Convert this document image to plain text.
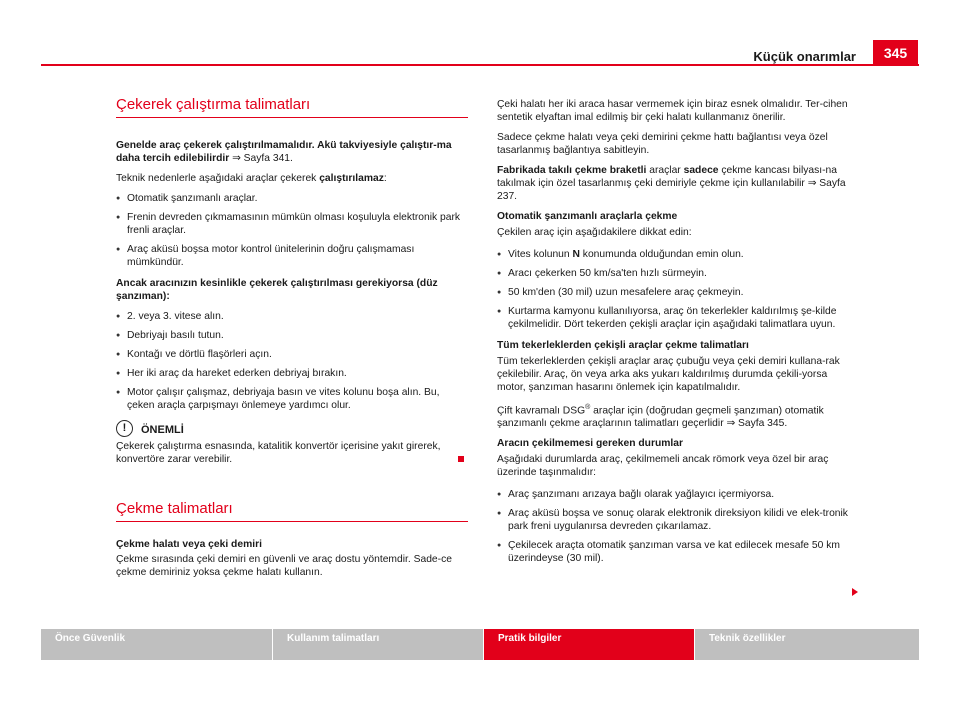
Küçük onarımlar	345
Çekerek çalıştırma talimatları

Genelde araç çekerek çalıştırılmamalıdır. Akü takviyesiyle çalıştır-ma daha tercih edilebilirdir ⇒ Sayfa 341.

Teknik nedenlerle aşağıdaki araçlar çekerek çalıştırılamaz:

● Otomatik şanzımanlı araçlar.
● Frenin devreden çıkmamasının mümkün olması koşuluyla elektronik park frenli araçlar.
● Araç aküsü boşsa motor kontrol ünitelerinin doğru çalışmaması mümkündür.

Ancak aracınızın kesinlikle çekerek çalıştırılması gerekiyorsa (düz şanzıman):

● 2. veya 3. vitese alın.
● Debriyajı basılı tutun.
● Kontağı ve dörtlü flaşörleri açın.
● Her iki araç da hareket ederken debriyaj bırakın.
● Motor çalışır çalışmaz, debriyaja basın ve vites kolunu boşa alın. Bu, çeken araçla çarpışmayı önlemeye yardımcı olur.
!	ÖNEMLİ

Çekerek çalıştırma esnasında, katalitik konvertör içerisine yakıt girerek, konvertöre zarar verebilir.

Çekme talimatları

Çekme halatı veya çeki demiri

Çekme sırasında çeki demiri en güvenli ve araç dostu yöntemdir. Sade-ce çekme demiriniz yoksa çekme halatı kullanın.

Çeki halatı her iki araca hasar vermemek için biraz esnek olmalıdır. Ter-cihen sentetik elyaftan imal edilmiş bir çeki halatı kullanmanız önerilir.

Sadece çekme halatı veya çeki demirini çekme hattı bağlantısı veya özel tasarlanmış bağlantıya sabitleyin.

Fabrikada takılı çekme braketli araçlar sadece çekme kancası bilyası-na takılmak için özel tasarlanmış çeki demiriyle çekme için kullanılabilir ⇒ Sayfa 237.

Otomatik şanzımanlı araçlarla çekme

Çekilen araç için aşağıdakilere dikkat edin:

● Vites kolunun N konumunda olduğundan emin olun.
● Aracı çekerken 50 km/sa'ten hızlı sürmeyin.
● 50 km'den (30 mil) uzun mesafelere araç çekmeyin.
● Kurtarma kamyonu kullanılıyorsa, araç ön tekerlekler kaldırılmış şe-kilde çekilmelidir. Dört tekerden çekişli araçlar için aşağıdaki talimatlara uyun.

Tüm tekerleklerden çekişli araçlar çekme talimatları

Tüm tekerleklerden çekişli araçlar araç çubuğu veya çeki demiri kullana-rak çekilebilir. Araç, ön veya arka aks yukarı kaldırılmış durumda çekili-yorsa motor, şanzıman hasarını önlemek için kapatılmalıdır.

Çift kavramalı DSG® araçlar için (doğrudan geçmeli şanzıman) otomatik şanzımanlı çekme araçlarının talimatları geçerlidir ⇒ Sayfa 345.

Aracın çekilmemesi gereken durumlar

Aşağıdaki durumlarda araç, çekilmemeli ancak römork veya özel bir araç üzerinde taşınmalıdır:

● Araç şanzımanı arızaya bağlı olarak yağlayıcı içermiyorsa.
● Araç aküsü boşsa ve sonuç olarak elektronik direksiyon kilidi ve elek-tronik park freni uygulanırsa devreden çıkarılamaz.
● Çekilecek araçta otomatik şanzıman varsa ve kat edilecek mesafe 50 km üzerindeyse (30 mil).
Önce Güvenlik	Kullanım talimatları	Pratik bilgiler	Teknik özellikler
